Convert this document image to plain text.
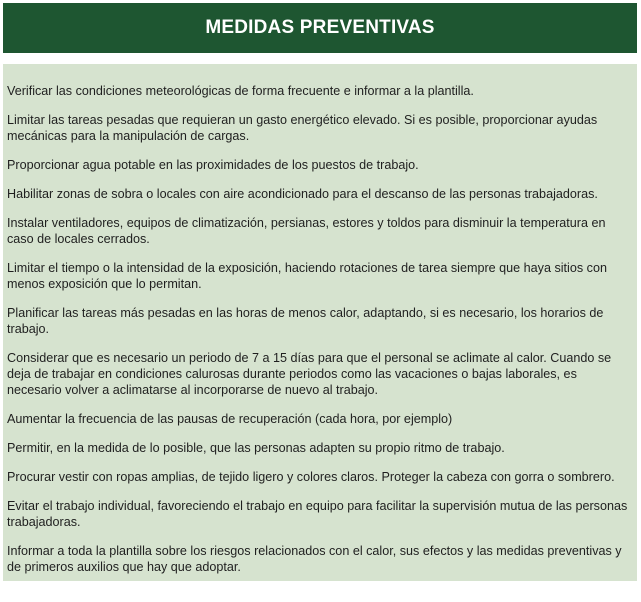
MEDIDAS PREVENTIVAS

Verificar las condiciones meteorológicas de forma frecuente e informar a la plantilla.

Limitar las tareas pesadas que requieran un gasto energético elevado. Si es posible, proporcionar ayudas mecánicas para la manipulación de cargas.

Proporcionar agua potable en las proximidades de los puestos de trabajo.

Habilitar zonas de sobra o locales con aire acondicionado para el descanso de las personas trabajadoras.

Instalar ventiladores, equipos de climatización, persianas, estores y toldos para disminuir la temperatura en caso de locales cerrados.

Limitar el tiempo o la intensidad de la exposición, haciendo rotaciones de tarea siempre que haya sitios con menos exposición que lo permitan.

Planificar las tareas más pesadas en las horas de menos calor, adaptando, si es necesario, los horarios de trabajo.

Considerar que es necesario un periodo de 7 a 15 días para que el personal se aclimate al calor. Cuando se deja de trabajar en condiciones calurosas durante periodos como las vacaciones o bajas laborales, es necesario volver a aclimatarse al incorporarse de nuevo al trabajo.

Aumentar la frecuencia de las pausas de recuperación (cada hora, por ejemplo)

Permitir, en la medida de lo posible, que las personas adapten su propio ritmo de trabajo.

Procurar vestir con ropas amplias, de tejido ligero y colores claros. Proteger la cabeza con gorra o sombrero.

Evitar el trabajo individual, favoreciendo el trabajo en equipo para facilitar la supervisión mutua de las personas trabajadoras.

Informar a toda la plantilla sobre los riesgos relacionados con el calor, sus efectos y las medidas preventivas y de primeros auxilios que hay que adoptar.
